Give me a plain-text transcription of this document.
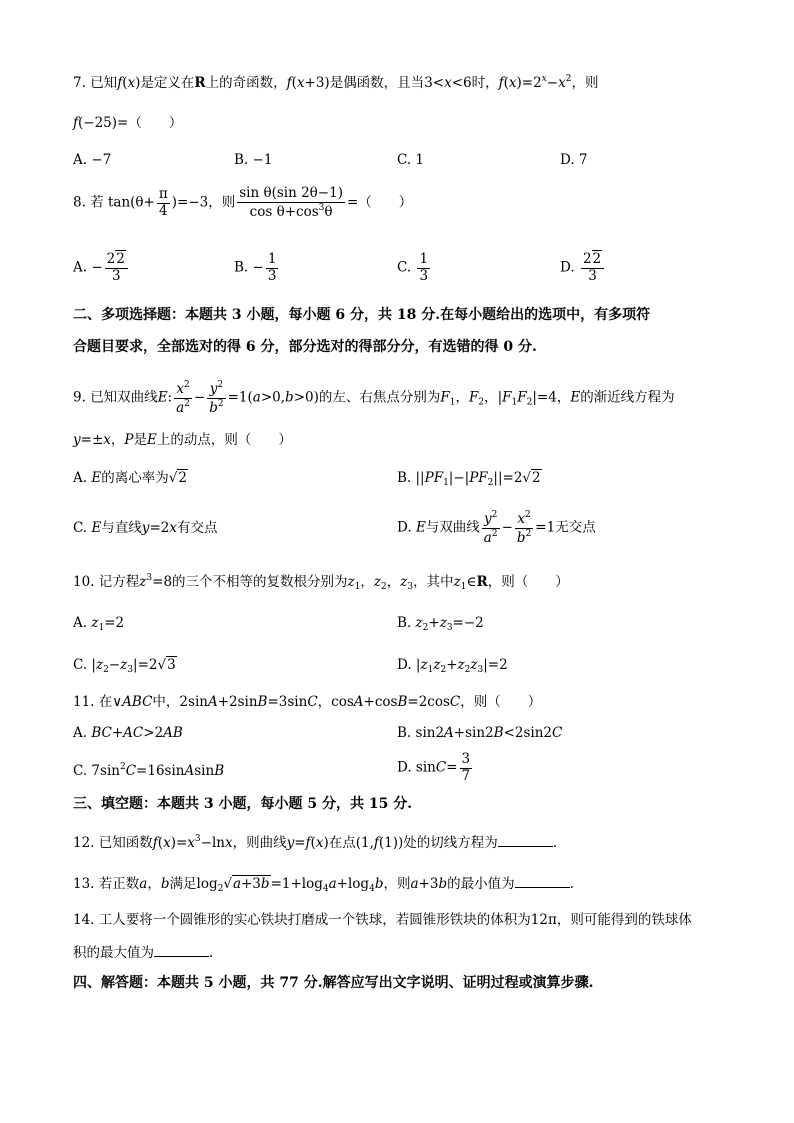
7. 已知f(x)是定义在R上的奇函数，f(x+3)是偶函数，且当3<x<6时，$f(x)=2^x-x^2$，则
f(−25)=（　　）
A. −7	B. −1	C. 1	D. 7
8. 若 $\tan(\theta+ \frac{\pi}{4} )=-3$，则 $\frac{\text{sin θ(sin 2θ−1)}}{\cos \theta+\cos^3\theta}$ =（　　）
A. − $\frac{22}{3}$	B. − $\frac{1}{3}$	C. $\frac{1}{3}$	D. $\frac{22}{3}$
二、多项选择题：本题共 3 小题，每小题 6 分，共 18 分.在每小题给出的选项中，有多项符
合题目要求，全部选对的得 6 分，部分选对的得部分分，有选错的得 0 分.
9. 已知双曲线E: $\frac{x^2}{a^2} - \frac{y^2}{b^2} =1(a>0,b>0)$的左、右焦点分别为$F_1$，$F_2$，$|F_1F_2|=4$，E的渐近线方程为
y=±x，P是E上的动点，则（　　）
A. E的离心率为√2	B. $||PF_1|-|PF_2||=2√2$
C. E与直线y=2x有交点	D. E与双曲线 $\frac{y^2}{a^2} - \frac{x^2}{b^2} =1$无交点
10. 记方程$z^3=8$的三个不相等的复数根分别为$z_1$，$z_2$，$z_3$，其中$z_1\in R$，则（　　）
A. $z_1=2$	B. $z_2+z_3=-2$
C. $|z_2-z_3|=2√3$	D. $|z_1z_2+z_2z_3|=2$
11. 在∨ABC中，2sinA+2sinB=3sinC，cosA+cosB=2cosC，则（　　）
A. BC+AC>2AB	B. sin2A+sin2B<2sin2C
C. $7\sin^2C=16sinAsinB$	D. $\sin C= \frac{3}{7}$
三、填空题：本题共 3 小题，每小题 5 分，共 15 分.
12. 已知函数$f(x)=x^3-\ln x$，则曲线y=f(x)在点(1,f(1))处的切线方程为	.
13. 若正数a，b满足$\log_2√a+3b=1+\log_4a+\log_4b$，则a+3b的最小值为	.
14. 工人要将一个圆锥形的实心铁块打磨成一个铁球，若圆锥形铁块的体积为12π，则可能得到的铁球体
积的最大值为	.
四、解答题：本题共 5 小题，共 77 分.解答应写出文字说明、证明过程或演算步骤.
